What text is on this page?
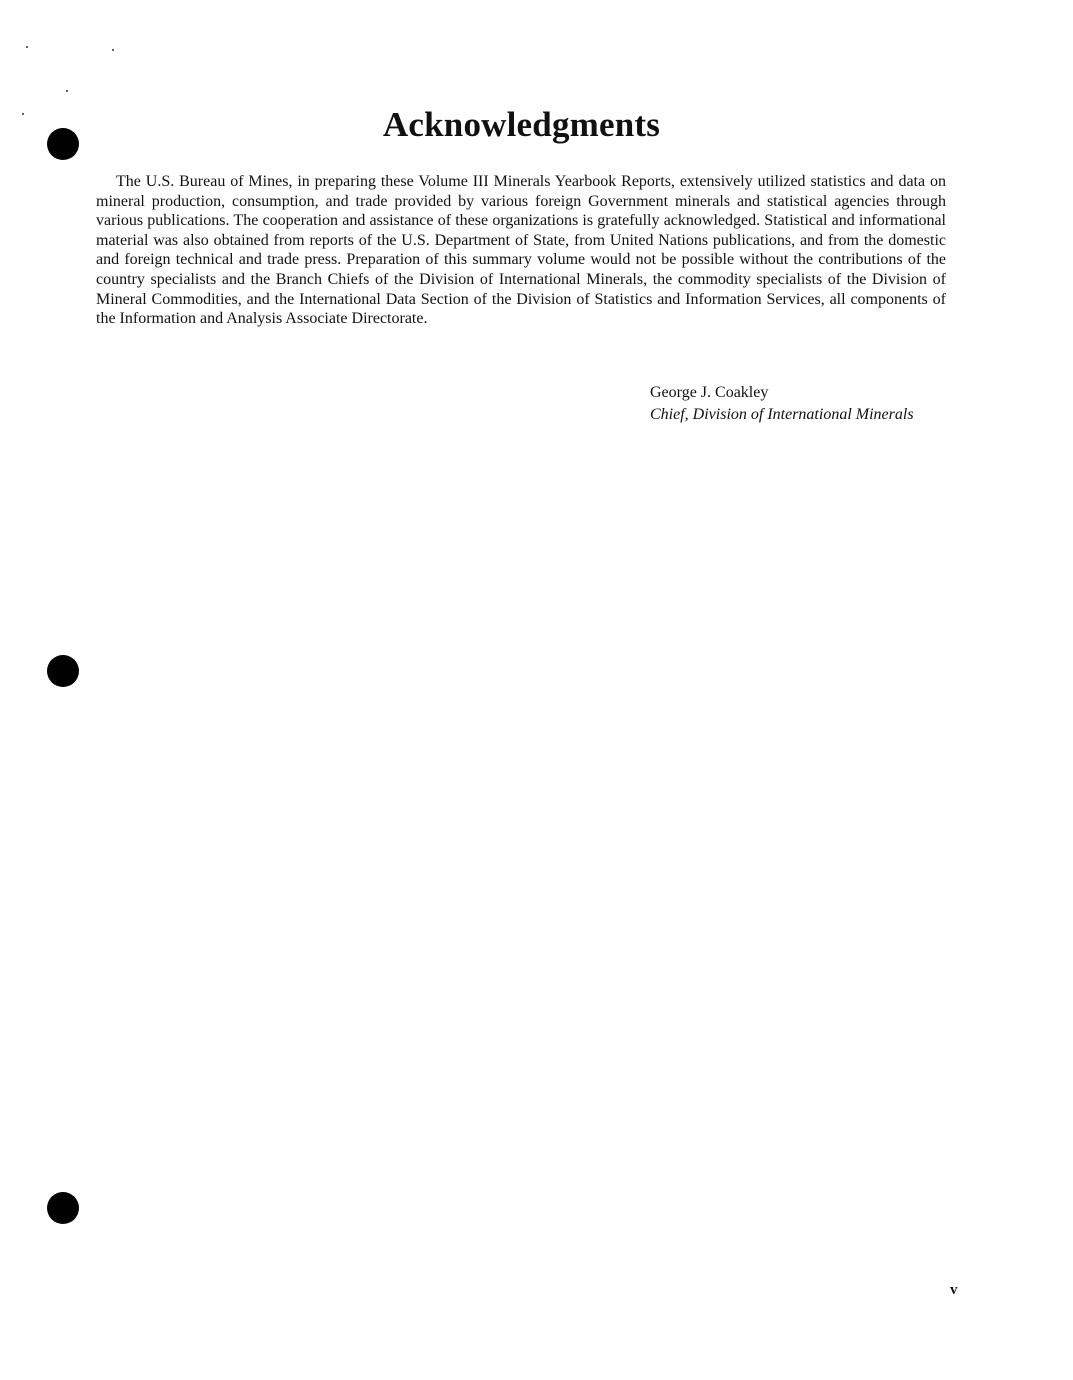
Acknowledgments

The U.S. Bureau of Mines, in preparing these Volume III Minerals Yearbook Reports, extensively utilized statistics and data on mineral production, consumption, and trade provided by various foreign Government minerals and statistical agencies through various publications. The cooperation and assistance of these organizations is gratefully acknowledged. Statistical and informational material was also obtained from reports of the U.S. Department of State, from United Nations publications, and from the domestic and foreign technical and trade press. Preparation of this summary volume would not be possible without the contributions of the country specialists and the Branch Chiefs of the Division of International Minerals, the commodity specialists of the Division of Mineral Commodities, and the International Data Section of the Division of Statistics and Information Services, all components of the Information and Analysis Associate Directorate.

George J. Coakley
Chief, Division of International Minerals
v
